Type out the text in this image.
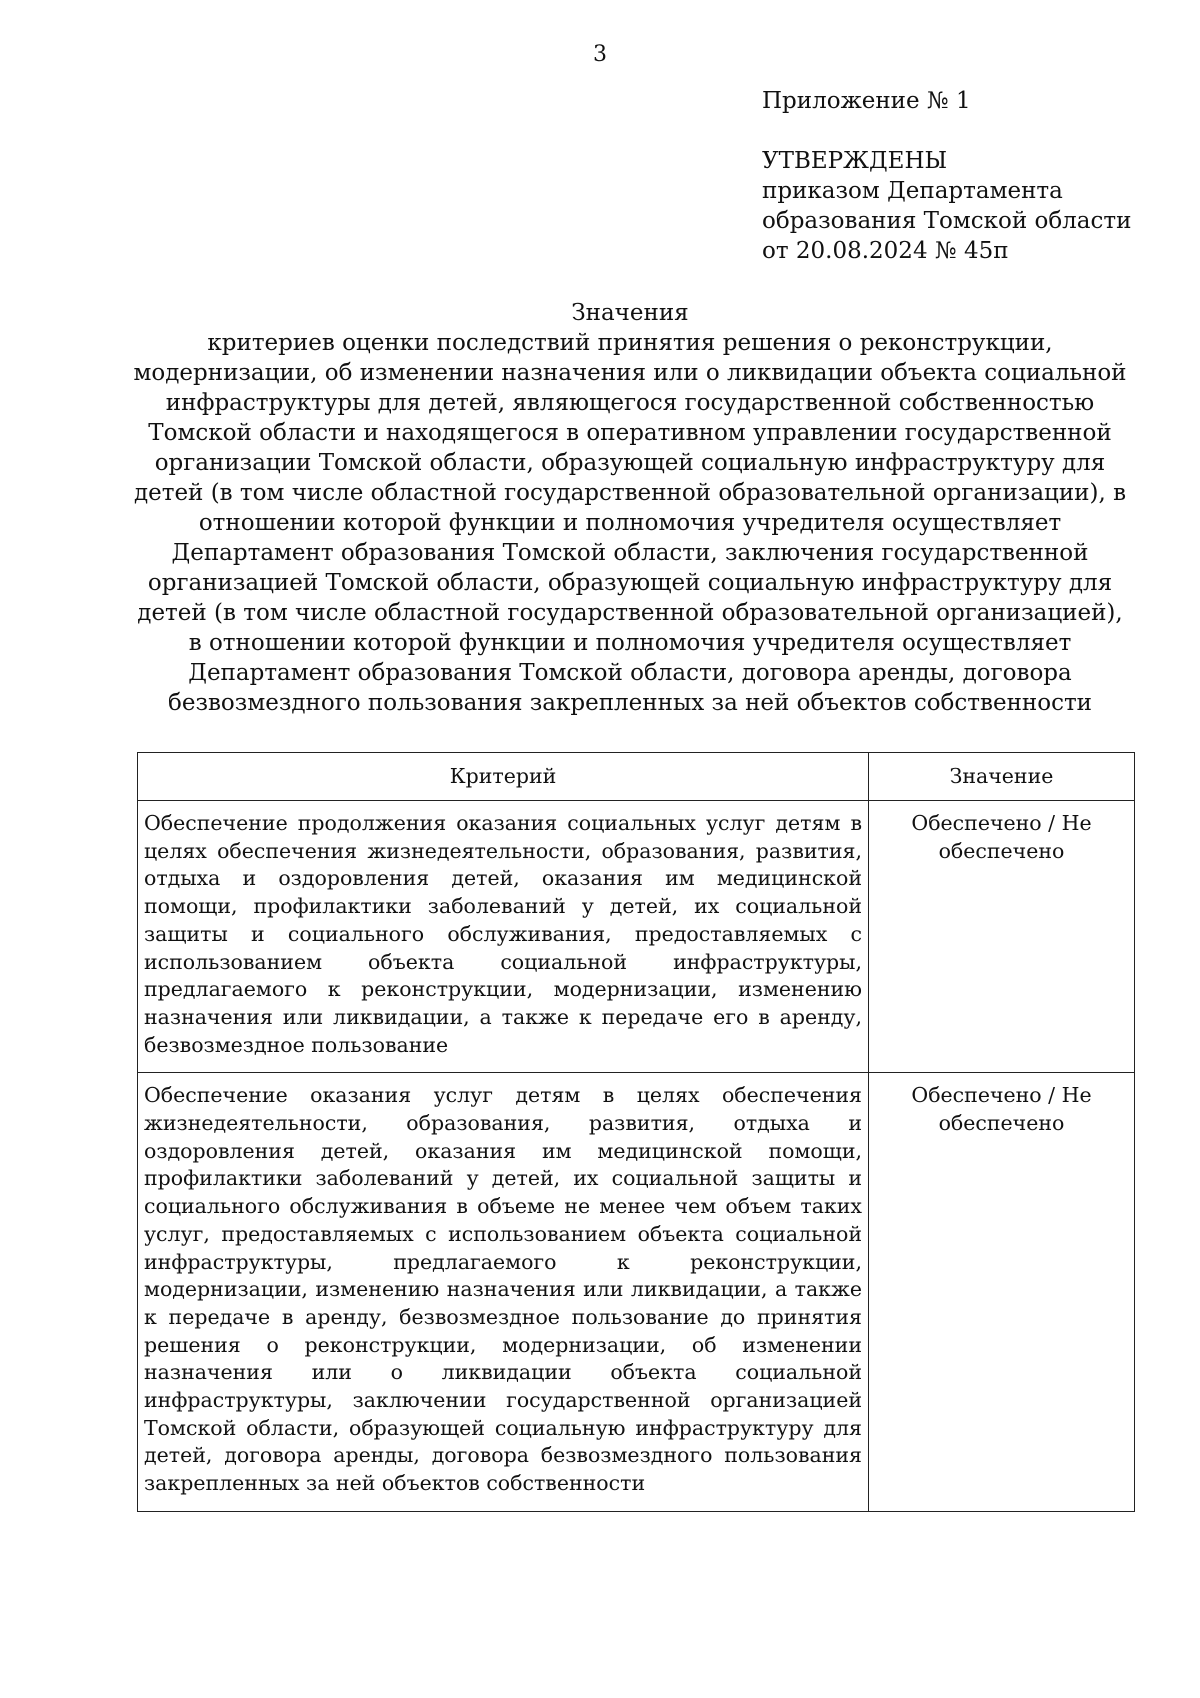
3
Приложение № 1
УТВЕРЖДЕНЫ
приказом Департамента
образования Томской области
от 20.08.2024 № 45п
Значения
критериев оценки последствий принятия решения о реконструкции, модернизации, об изменении назначения или о ликвидации объекта социальной инфраструктуры для детей, являющегося государственной собственностью Томской области и находящегося в оперативном управлении государственной организации Томской области, образующей социальную инфраструктуру для детей (в том числе областной государственной образовательной организации), в отношении которой функции и полномочия учредителя осуществляет Департамент образования Томской области, заключения государственной организацией Томской области, образующей социальную инфраструктуру для детей (в том числе областной государственной образовательной организацией), в отношении которой функции и полномочия учредителя осуществляет Департамент образования Томской области, договора аренды, договора безвозмездного пользования закрепленных за ней объектов собственности
Критерий	Значение
Обеспечение продолжения оказания социальных услуг детям в целях обеспечения жизнедеятельности, образования, развития, отдыха и оздоровления детей, оказания им медицинской помощи, профилактики заболеваний у детей, их социальной защиты и социального обслуживания, предоставляемых с использованием объекта социальной инфраструктуры, предлагаемого к реконструкции, модернизации, изменению назначения или ликвидации, а также к передаче его в аренду, безвозмездное пользование	Обеспечено / Не обеспечено
Обеспечение оказания услуг детям в целях обеспечения жизнедеятельности, образования, развития, отдыха и оздоровления детей, оказания им медицинской помощи, профилактики заболеваний у детей, их социальной защиты и социального обслуживания в объеме не менее чем объем таких услуг, предоставляемых с использованием объекта социальной инфраструктуры, предлагаемого к реконструкции, модернизации, изменению назначения или ликвидации, а также к передаче в аренду, безвозмездное пользование до принятия решения о реконструкции, модернизации, об изменении назначения или о ликвидации объекта социальной инфраструктуры, заключении государственной организацией Томской области, образующей социальную инфраструктуру для детей, договора аренды, договора безвозмездного пользования закрепленных за ней объектов собственности	Обеспечено / Не обеспечено
